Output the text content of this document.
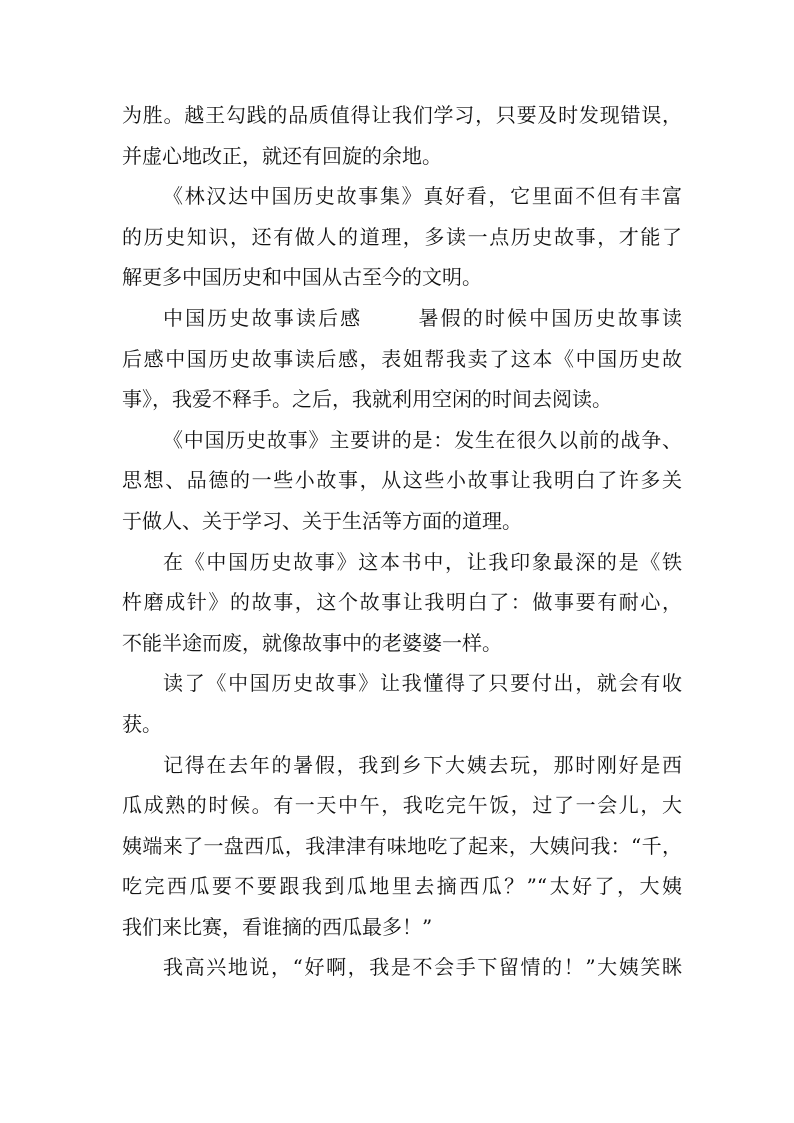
为胜。越王勾践的品质值得让我们学习，只要及时发现错误，
并虚心地改正，就还有回旋的余地。
《林汉达中国历史故事集》真好看，它里面不但有丰富
的历史知识，还有做人的道理，多读一点历史故事，才能了
解更多中国历史和中国从古至今的文明。
中国历史故事读后感	暑假的时候中国历史故事读
后感中国历史故事读后感，表姐帮我卖了这本《中国历史故
事》，我爱不释手。之后，我就利用空闲的时间去阅读。
《中国历史故事》主要讲的是：发生在很久以前的战争、
思想、品德的一些小故事，从这些小故事让我明白了许多关
于做人、关于学习、关于生活等方面的道理。
在《中国历史故事》这本书中，让我印象最深的是《铁
杵磨成针》的故事，这个故事让我明白了：做事要有耐心，
不能半途而废，就像故事中的老婆婆一样。
读了《中国历史故事》让我懂得了只要付出，就会有收
获。
记得在去年的暑假，我到乡下大姨去玩，那时刚好是西
瓜成熟的时候。有一天中午，我吃完午饭，过了一会儿，大
姨端来了一盘西瓜，我津津有味地吃了起来，大姨问我：“千，
吃完西瓜要不要跟我到瓜地里去摘西瓜？”“太好了，大姨
我们来比赛，看谁摘的西瓜最多！”
我高兴地说，“好啊，我是不会手下留情的！”大姨笑眯
